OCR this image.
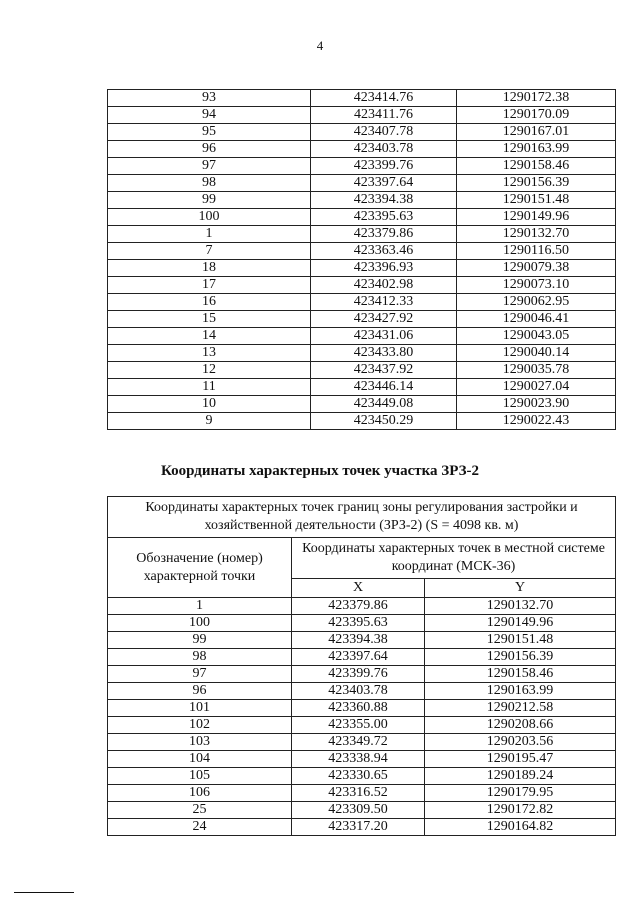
4
93	423414.76	1290172.38
94	423411.76	1290170.09
95	423407.78	1290167.01
96	423403.78	1290163.99
97	423399.76	1290158.46
98	423397.64	1290156.39
99	423394.38	1290151.48
100	423395.63	1290149.96
1	423379.86	1290132.70
7	423363.46	1290116.50
18	423396.93	1290079.38
17	423402.98	1290073.10
16	423412.33	1290062.95
15	423427.92	1290046.41
14	423431.06	1290043.05
13	423433.80	1290040.14
12	423437.92	1290035.78
11	423446.14	1290027.04
10	423449.08	1290023.90
9	423450.29	1290022.43
Координаты характерных точек участка ЗРЗ-2
Координаты характерных точек границ зоны регулирования застройки и хозяйственной деятельности (ЗРЗ-2) (S = 4098 кв. м)		
Обозначение (номер) характерной точки	Координаты характерных точек в местной системе координат (МСК-36)	
	X	Y
1	423379.86	1290132.70
100	423395.63	1290149.96
99	423394.38	1290151.48
98	423397.64	1290156.39
97	423399.76	1290158.46
96	423403.78	1290163.99
101	423360.88	1290212.58
102	423355.00	1290208.66
103	423349.72	1290203.56
104	423338.94	1290195.47
105	423330.65	1290189.24
106	423316.52	1290179.95
25	423309.50	1290172.82
24	423317.20	1290164.82
